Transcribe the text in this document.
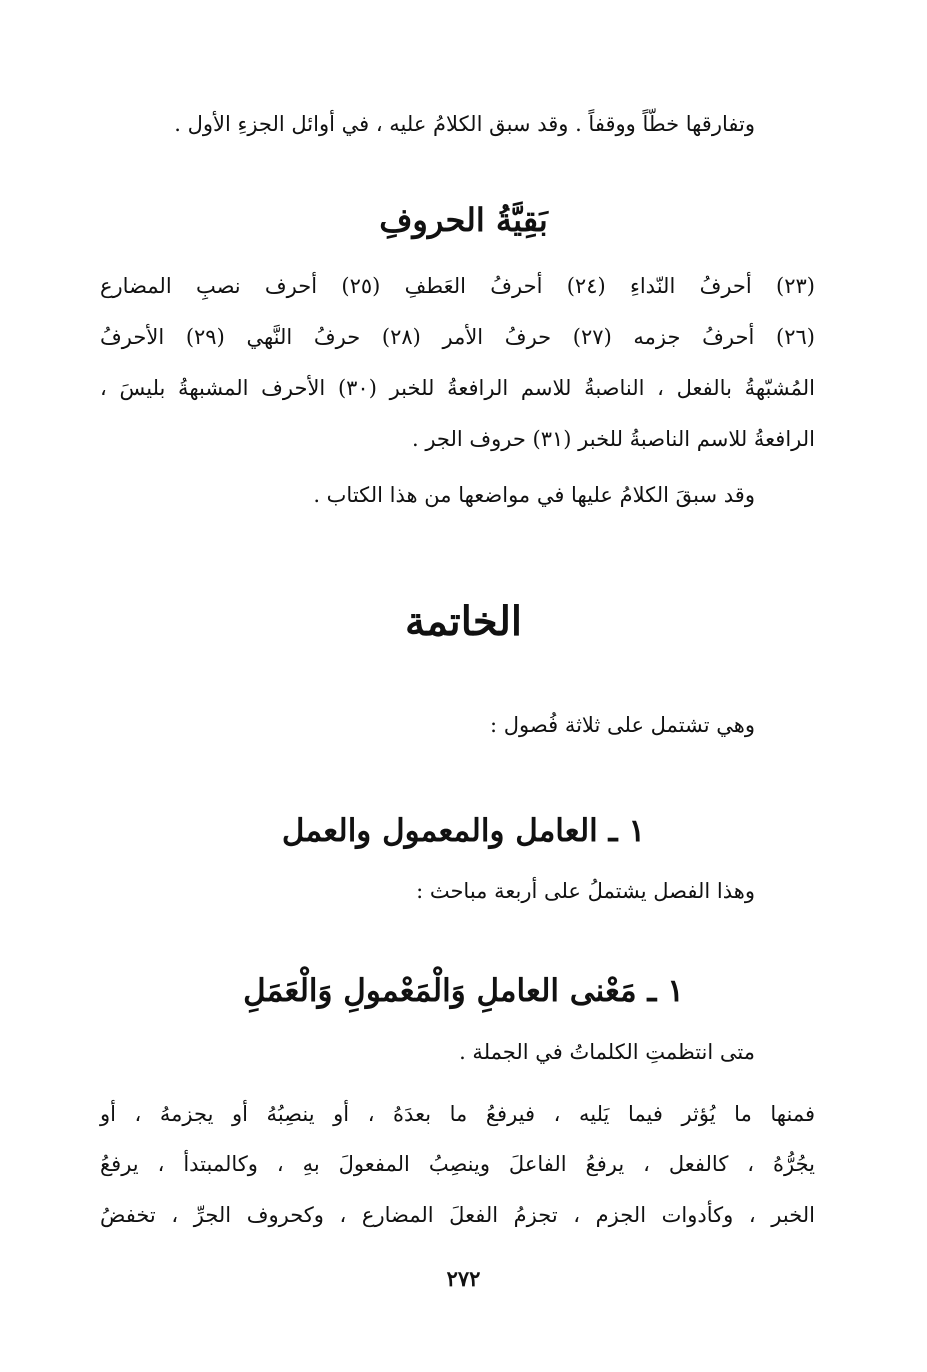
وتفارقها خطّاً ووقفاً . وقد سبق الكلامُ عليه ، في أوائل الجزءِ الأول .
بَقِيَّةُ الحروفِ
(٢٣) أحرفُ النّداءِ (٢٤) أحرفُ العَطفِ (٢٥) أحرف نصبِ المضارع
(٢٦) أحرفُ جزمه (٢٧) حرفُ الأمر (٢٨) حرفُ النَّهي (٢٩) الأحرفُ
المُشبّهةُ بالفعل ، الناصبةُ للاسم الرافعةُ للخبر (٣٠) الأحرف المشبهةُ بليسَ ،
الرافعةُ للاسم الناصبةُ للخبر (٣١) حروف الجر .
وقد سبقَ الكلامُ عليها في مواضعها من هذا الكتاب .
الخاتمة
وهي تشتمل على ثلاثة فُصول :
١ ـ العامل والمعمول والعمل
وهذا الفصل يشتملُ على أربعة مباحث :
١ ـ مَعْنى العاملِ وَالْمَعْمولِ وَالْعَمَلِ
متى انتظمتِ الكلماتُ في الجملة .
فمنها ما يُؤثر فيما يَليه ، فيرفعُ ما بعدَهُ ، أو ينصِبُهُ أو يجزمهُ ، أو
يجُرُّهُ ، كالفعل ، يرفعُ الفاعلَ وينصِبُ المفعولَ بهِ ، وكالمبتدأ ، يرفعُ
الخبر ، وكأدوات الجزم ، تجزمُ الفعلَ المضارع ، وكحروف الجرِّ ، تخفضُ
٢٧٢
